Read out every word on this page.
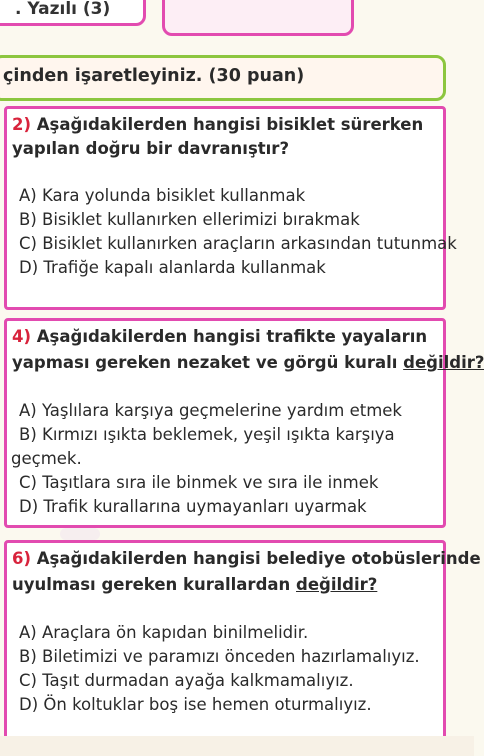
. Yazılı (3)
çinden işaretleyiniz. (30 puan)
2) Aşağıdakilerden hangisi bisiklet sürerken
yapılan doğru bir davranıştır?
A) Kara yolunda bisiklet kullanmak
B) Bisiklet kullanırken ellerimizi bırakmak
C) Bisiklet kullanırken araçların arkasından tutunmak
D) Trafiğe kapalı alanlarda kullanmak
4) Aşağıdakilerden hangisi trafikte yayaların
yapması gereken nezaket ve görgü kuralı değildir?
A) Yaşlılara karşıya geçmelerine yardım etmek
B) Kırmızı ışıkta beklemek, yeşil ışıkta karşıya
geçmek.
C) Taşıtlara sıra ile binmek ve sıra ile inmek
D) Trafik kurallarına uymayanları uyarmak
6) Aşağıdakilerden hangisi belediye otobüslerinde
uyulması gereken kurallardan değildir?
A) Araçlara ön kapıdan binilmelidir.
B) Biletimizi ve paramızı önceden hazırlamalıyız.
C) Taşıt durmadan ayağa kalkmamalıyız.
D) Ön koltuklar boş ise hemen oturmalıyız.
